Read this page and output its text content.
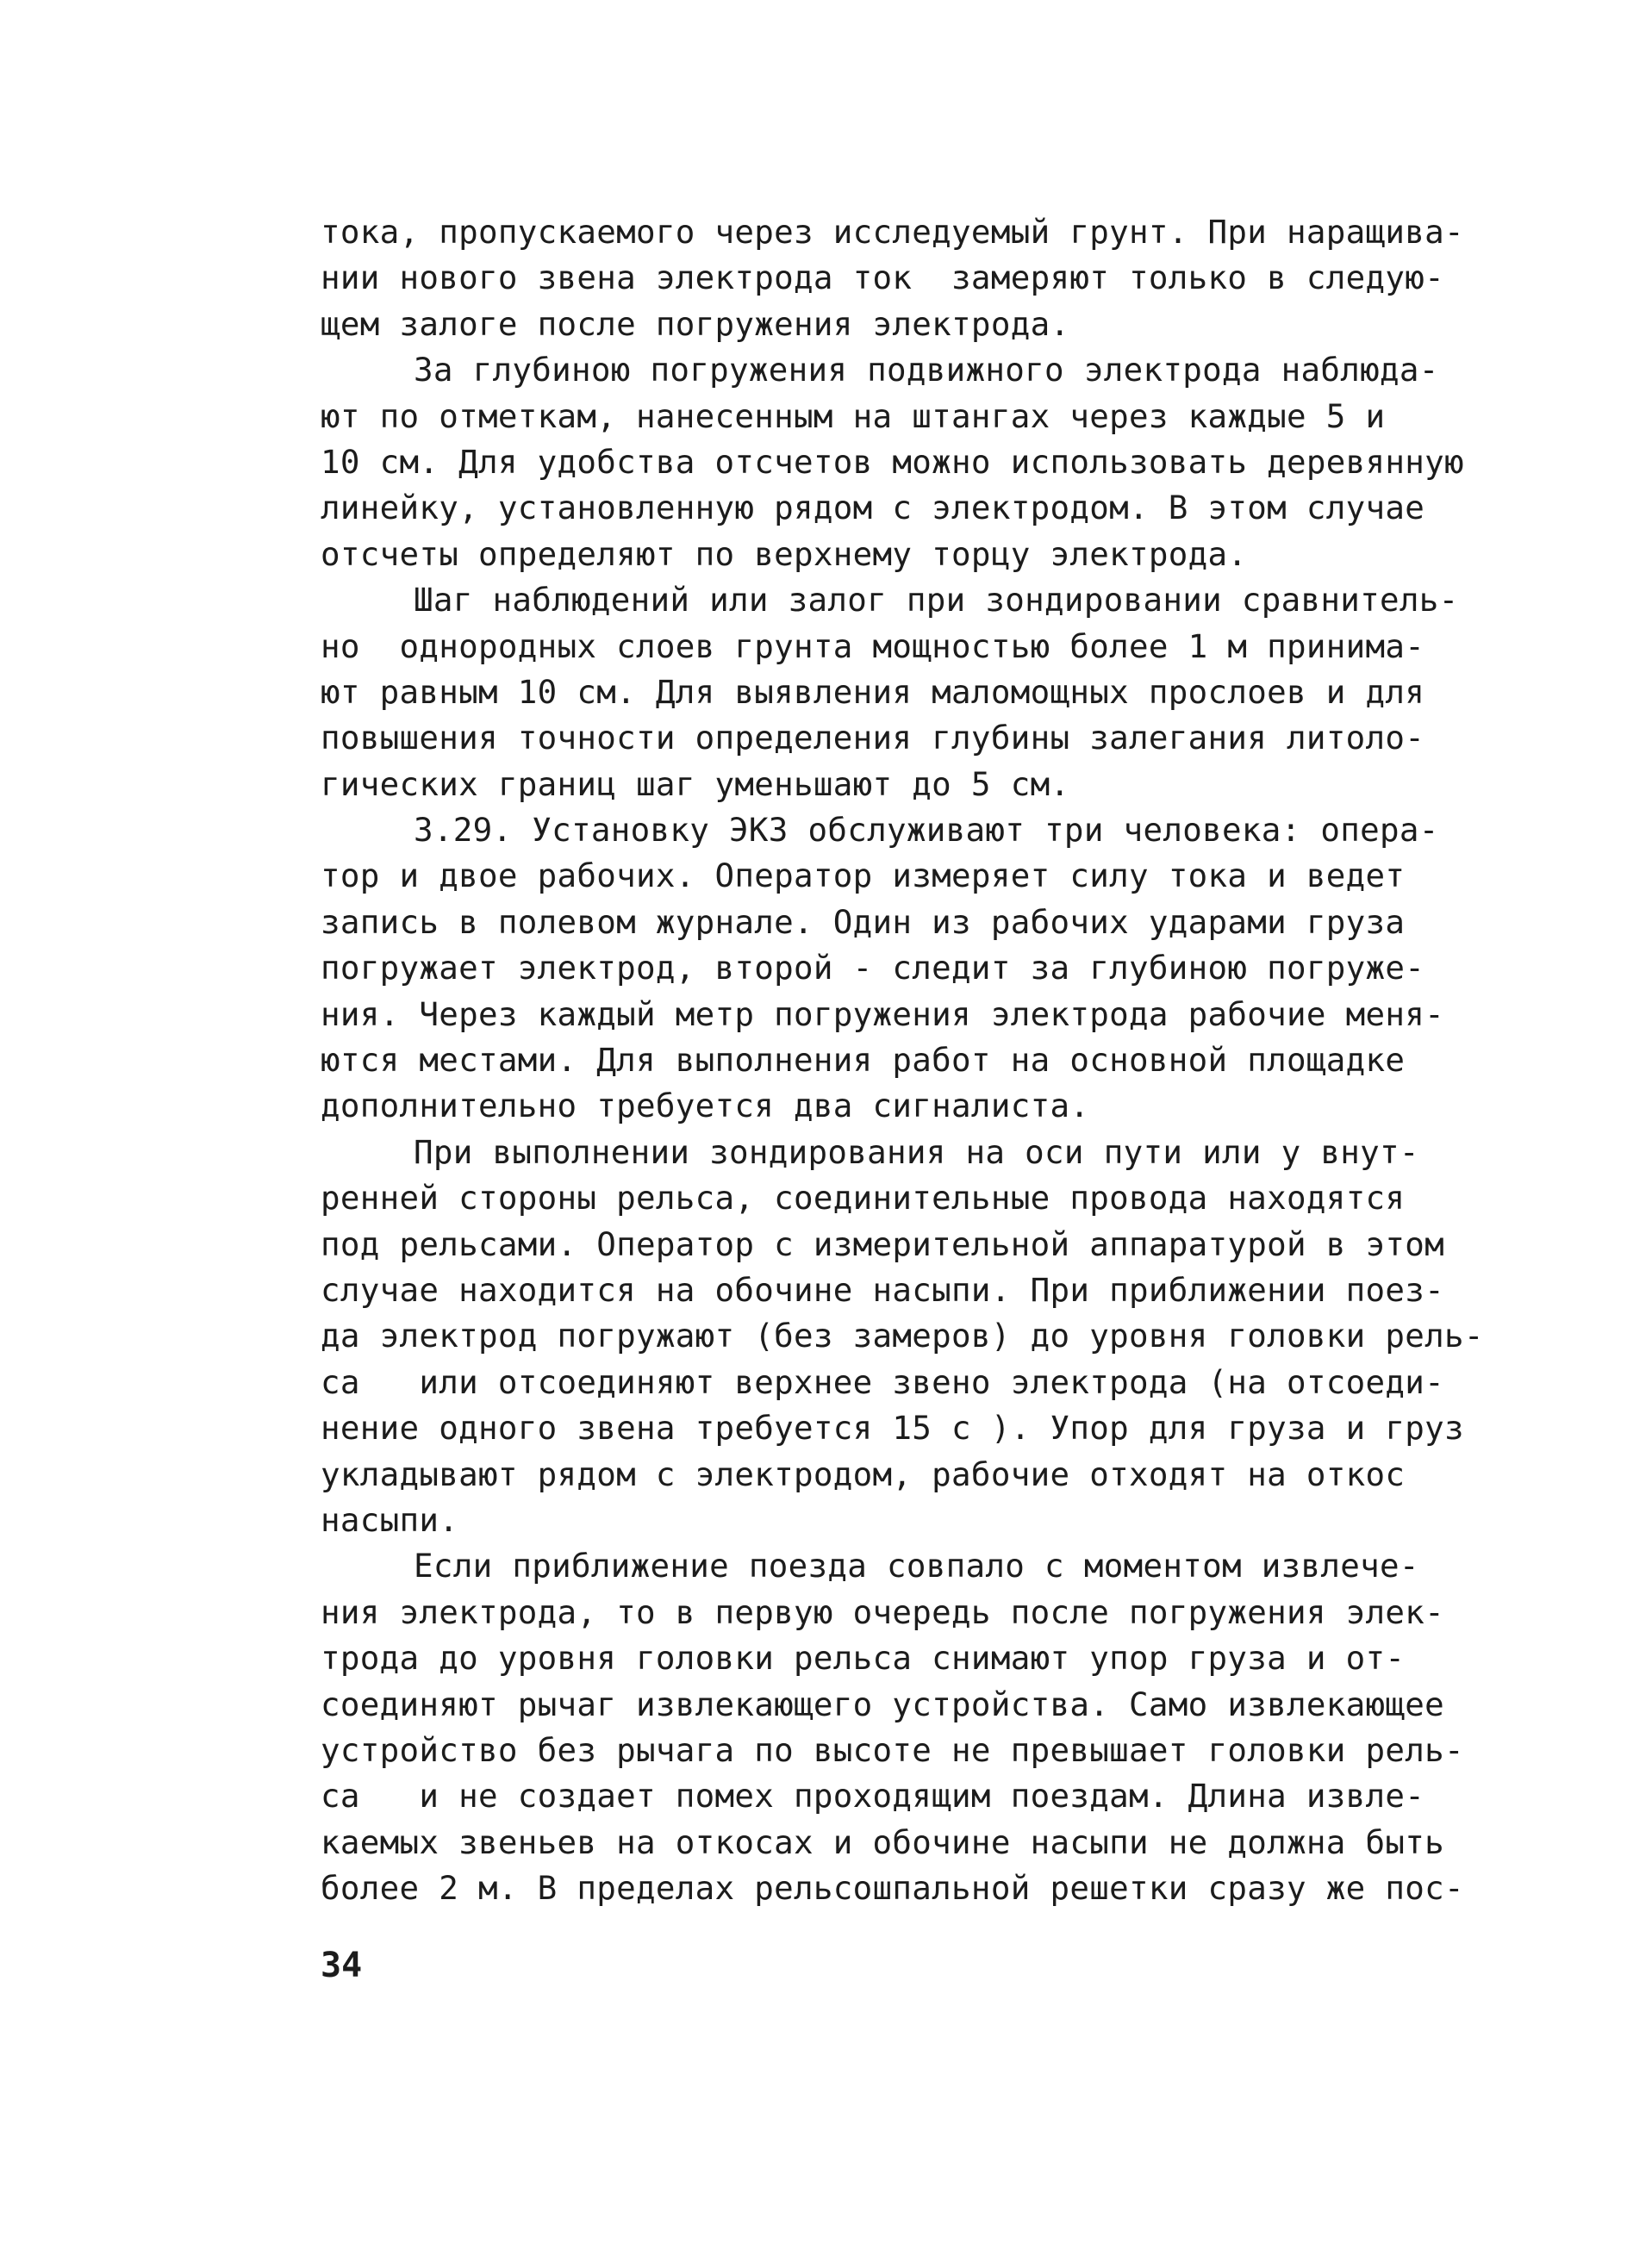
тока, пропускаемого через исследуемый грунт. При наращива-
нии нового звена электрода ток  замеряют только в следую-
щем залоге после погружения электрода.
За глубиною погружения подвижного электрода наблюда-
ют по отметкам, нанесенным на штангах через каждые 5 и
10 см. Для удобства отсчетов можно использовать деревянную
линейку, установленную рядом с электродом. В этом случае
отсчеты определяют по верхнему торцу электрода.
Шаг наблюдений или залог при зондировании сравнитель-
но  однородных слоев грунта мощностью более 1 м принима-
ют равным 10 см. Для выявления маломощных прослоев и для
повышения точности определения глубины залегания литоло-
гических границ шаг уменьшают до 5 см.
3.29. Установку ЭКЗ обслуживают три человека: опера-
тор и двое рабочих. Оператор измеряет силу тока и ведет
запись в полевом журнале. Один из рабочих ударами груза
погружает электрод, второй - следит за глубиною погруже-
ния. Через каждый метр погружения электрода рабочие меня-
ются местами. Для выполнения работ на основной площадке
дополнительно требуется два сигналиста.
При выполнении зондирования на оси пути или у внут-
ренней стороны рельса, соединительные провода находятся
под рельсами. Оператор с измерительной аппаратурой в этом
случае находится на обочине насыпи. При приближении поез-
да электрод погружают (без замеров) до уровня головки рель-
са   или отсоединяют верхнее звено электрода (на отсоеди-
нение одного звена требуется 15 с ). Упор для груза и груз
укладывают рядом с электродом, рабочие отходят на откос
насыпи.
Если приближение поезда совпало с моментом извлече-
ния электрода, то в первую очередь после погружения элек-
трода до уровня головки рельса снимают упор груза и от-
соединяют рычаг извлекающего устройства. Само извлекающее
устройство без рычага по высоте не превышает головки рель-
са   и не создает помех проходящим поездам. Длина извле-
каемых звеньев на откосах и обочине насыпи не должна быть
более 2 м. В пределах рельсошпальной решетки сразу же пос-
34
